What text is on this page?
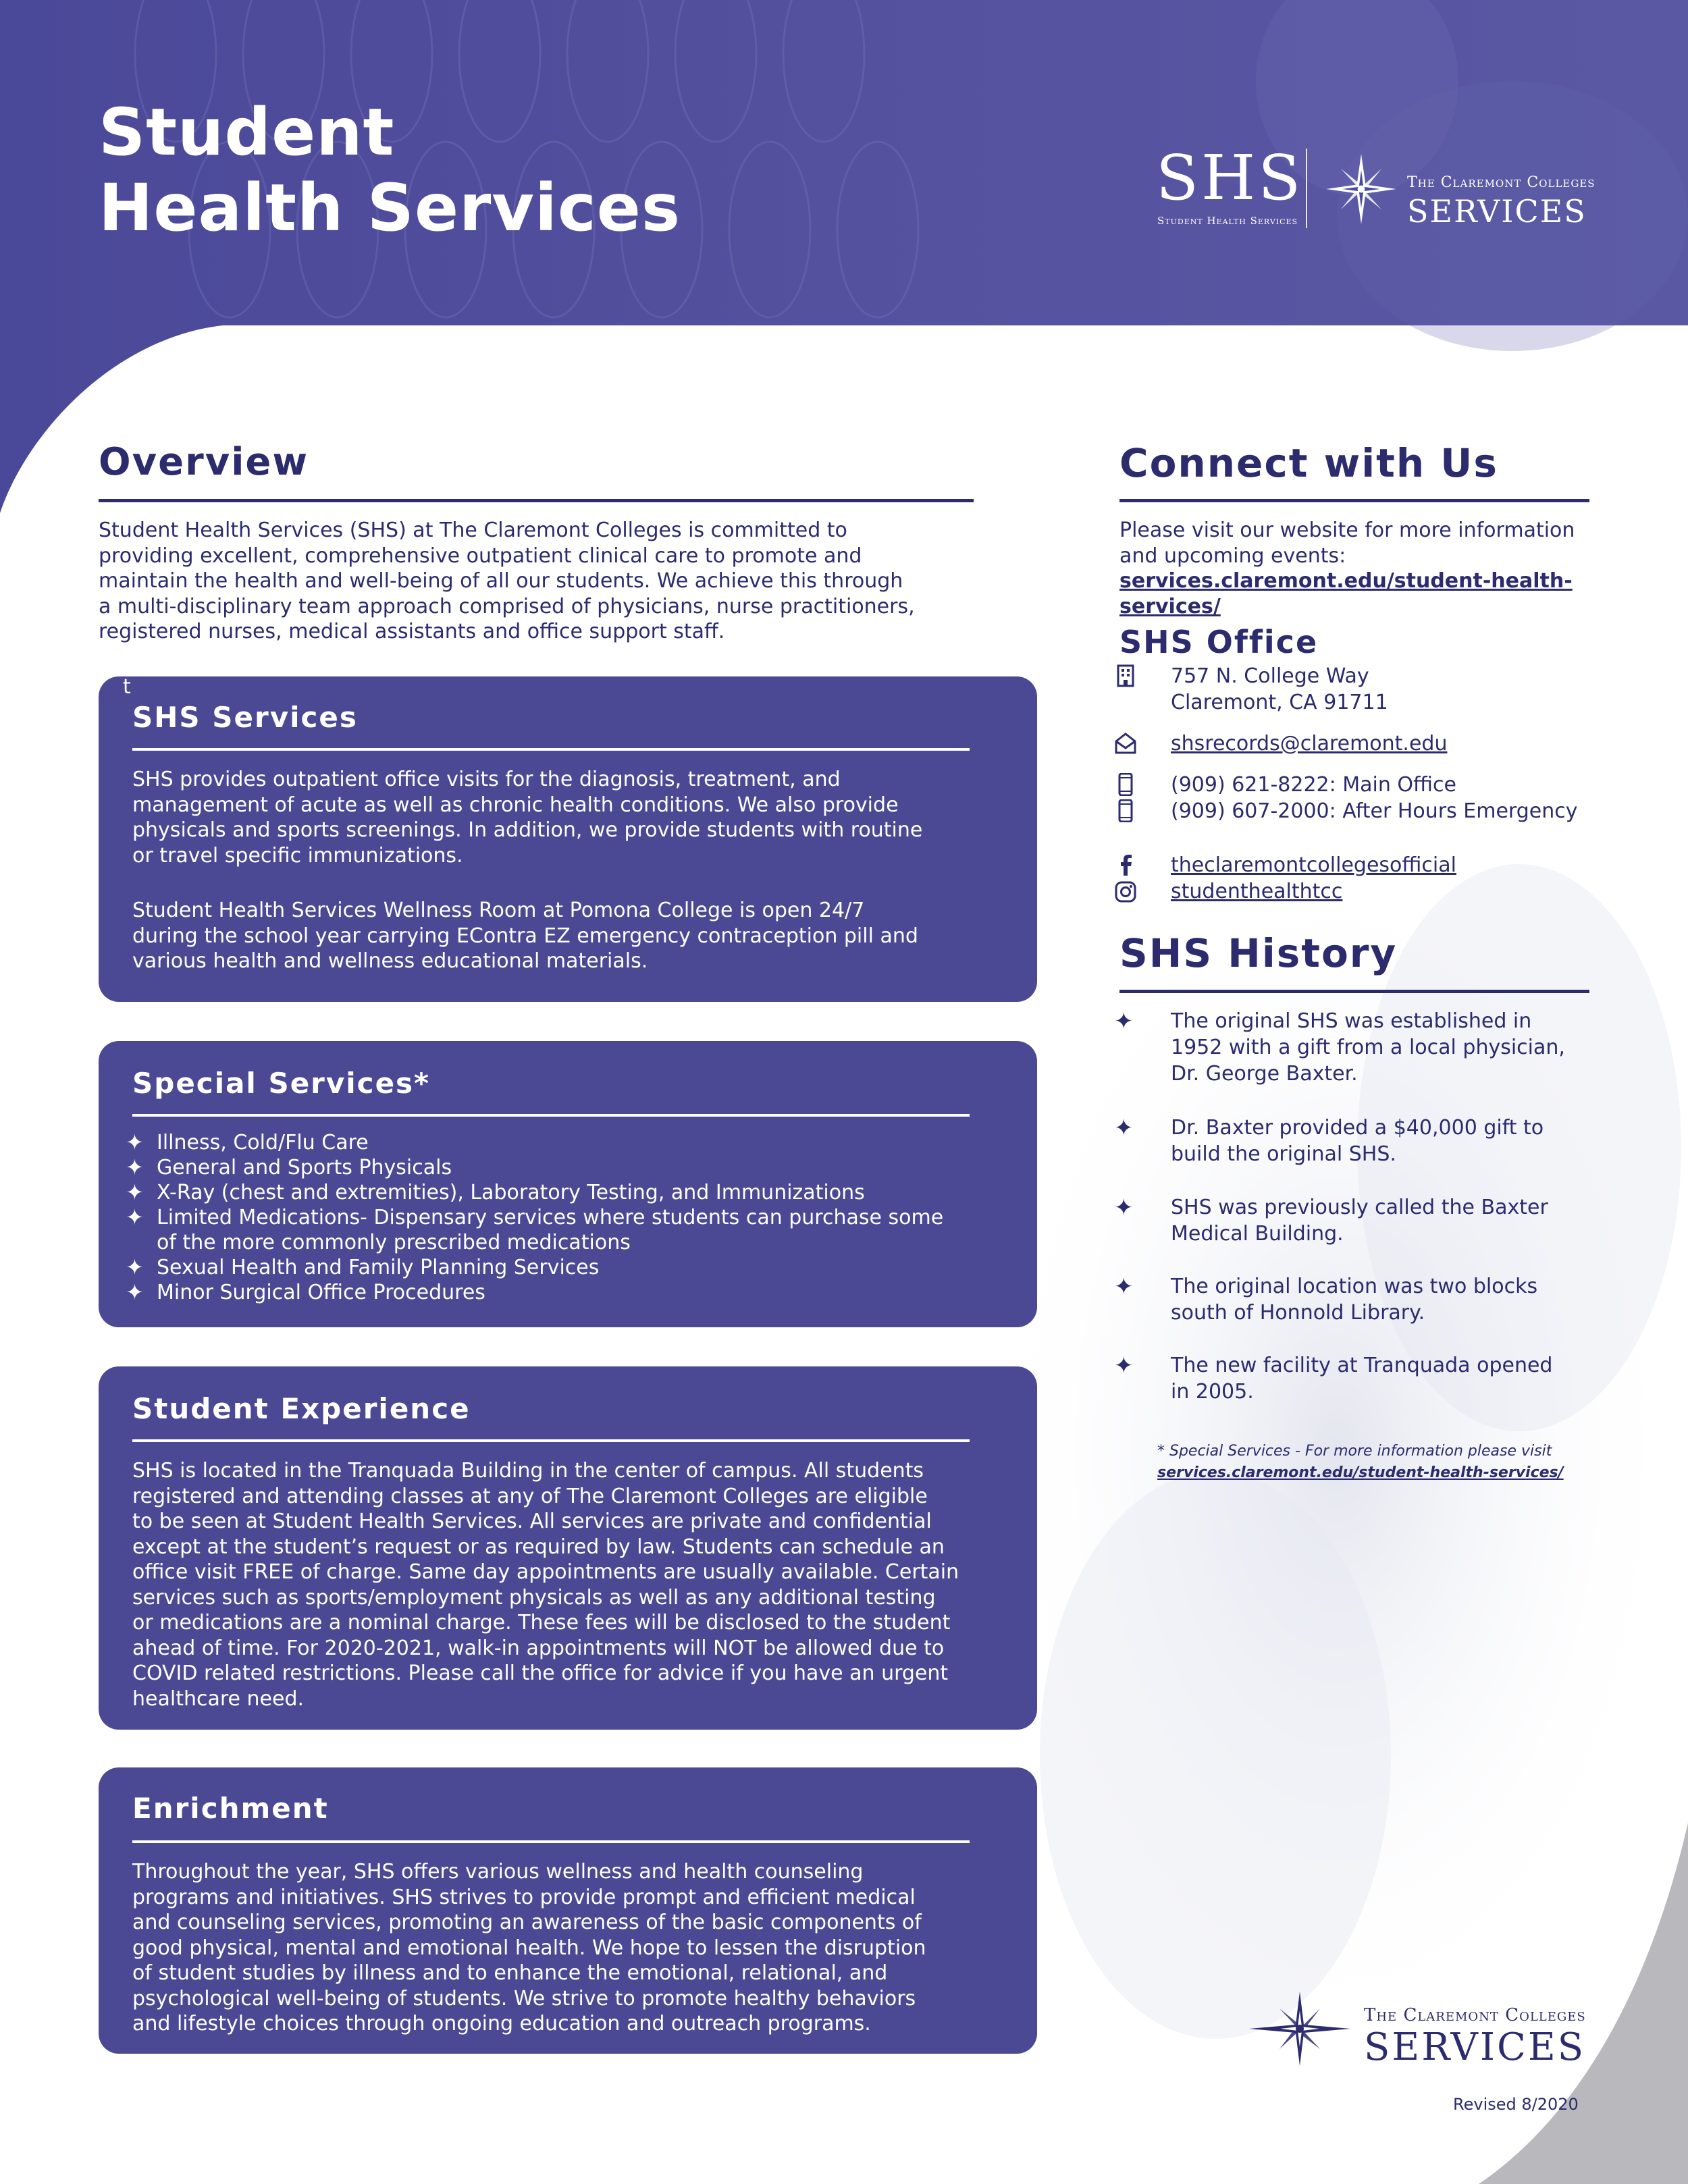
Student
Health Services	SHS
Student Health Services
The Claremont Colleges
SERVICES
Overview

Student Health Services (SHS) at The Claremont Colleges is committed to
providing excellent, comprehensive outpatient clinical care to promote and
maintain the health and well-being of all our students. We achieve this through
a multi-disciplinary team approach comprised of physicians, nurse practitioners,
registered nurses, medical assistants and office support staff.

t
SHS Services

SHS provides outpatient office visits for the diagnosis, treatment, and
management of acute as well as chronic health conditions. We also provide
physicals and sports screenings. In addition, we provide students with routine
or travel specific immunizations.

Student Health Services Wellness Room at Pomona College is open 24/7
during the school year carrying EContra EZ emergency contraception pill and
various health and wellness educational materials.

Special Services*
✦ Illness, Cold/Flu Care
✦ General and Sports Physicals
✦ X-Ray (chest and extremities), Laboratory Testing, and Immunizations
✦ Limited Medications- Dispensary services where students can purchase some
of the more commonly prescribed medications
✦ Sexual Health and Family Planning Services
✦ Minor Surgical Office Procedures
Student Experience

SHS is located in the Tranquada Building in the center of campus. All students
registered and attending classes at any of The Claremont Colleges are eligible
to be seen at Student Health Services. All services are private and confidential
except at the student’s request or as required by law. Students can schedule an
office visit FREE of charge. Same day appointments are usually available. Certain
services such as sports/employment physicals as well as any additional testing
or medications are a nominal charge. These fees will be disclosed to the student
ahead of time. For 2020-2021, walk-in appointments will NOT be allowed due to
COVID related restrictions. Please call the office for advice if you have an urgent
healthcare need.

Enrichment

Throughout the year, SHS offers various wellness and health counseling
programs and initiatives. SHS strives to provide prompt and efficient medical
and counseling services, promoting an awareness of the basic components of
good physical, mental and emotional health. We hope to lessen the disruption
of student studies by illness and to enhance the emotional, relational, and
psychological well-being of students. We strive to promote healthy behaviors
and lifestyle choices through ongoing education and outreach programs.

Connect with Us

Please visit our website for more information
and upcoming events:
services.claremont.edu/student-health-services/

SHS Office

757 N. College Way
Claremont, CA 91711

shsrecords@claremont.edu

(909) 621-8222: Main Office
(909) 607-2000: After Hours Emergency

theclaremontcollegesofficial
studenthealthtcc

SHS History
✦ The original SHS was established in
1952 with a gift from a local physician,
Dr. George Baxter.

✦ Dr. Baxter provided a $40,000 gift to
build the original SHS.

✦ SHS was previously called the Baxter
Medical Building.

✦ The original location was two blocks
south of Honnold Library.

✦ The new facility at Tranquada opened
in 2005.

* Special Services - For more information please visit
services.claremont.edu/student-health-services/

The Claremont Colleges
SERVICES
Revised 8/2020
